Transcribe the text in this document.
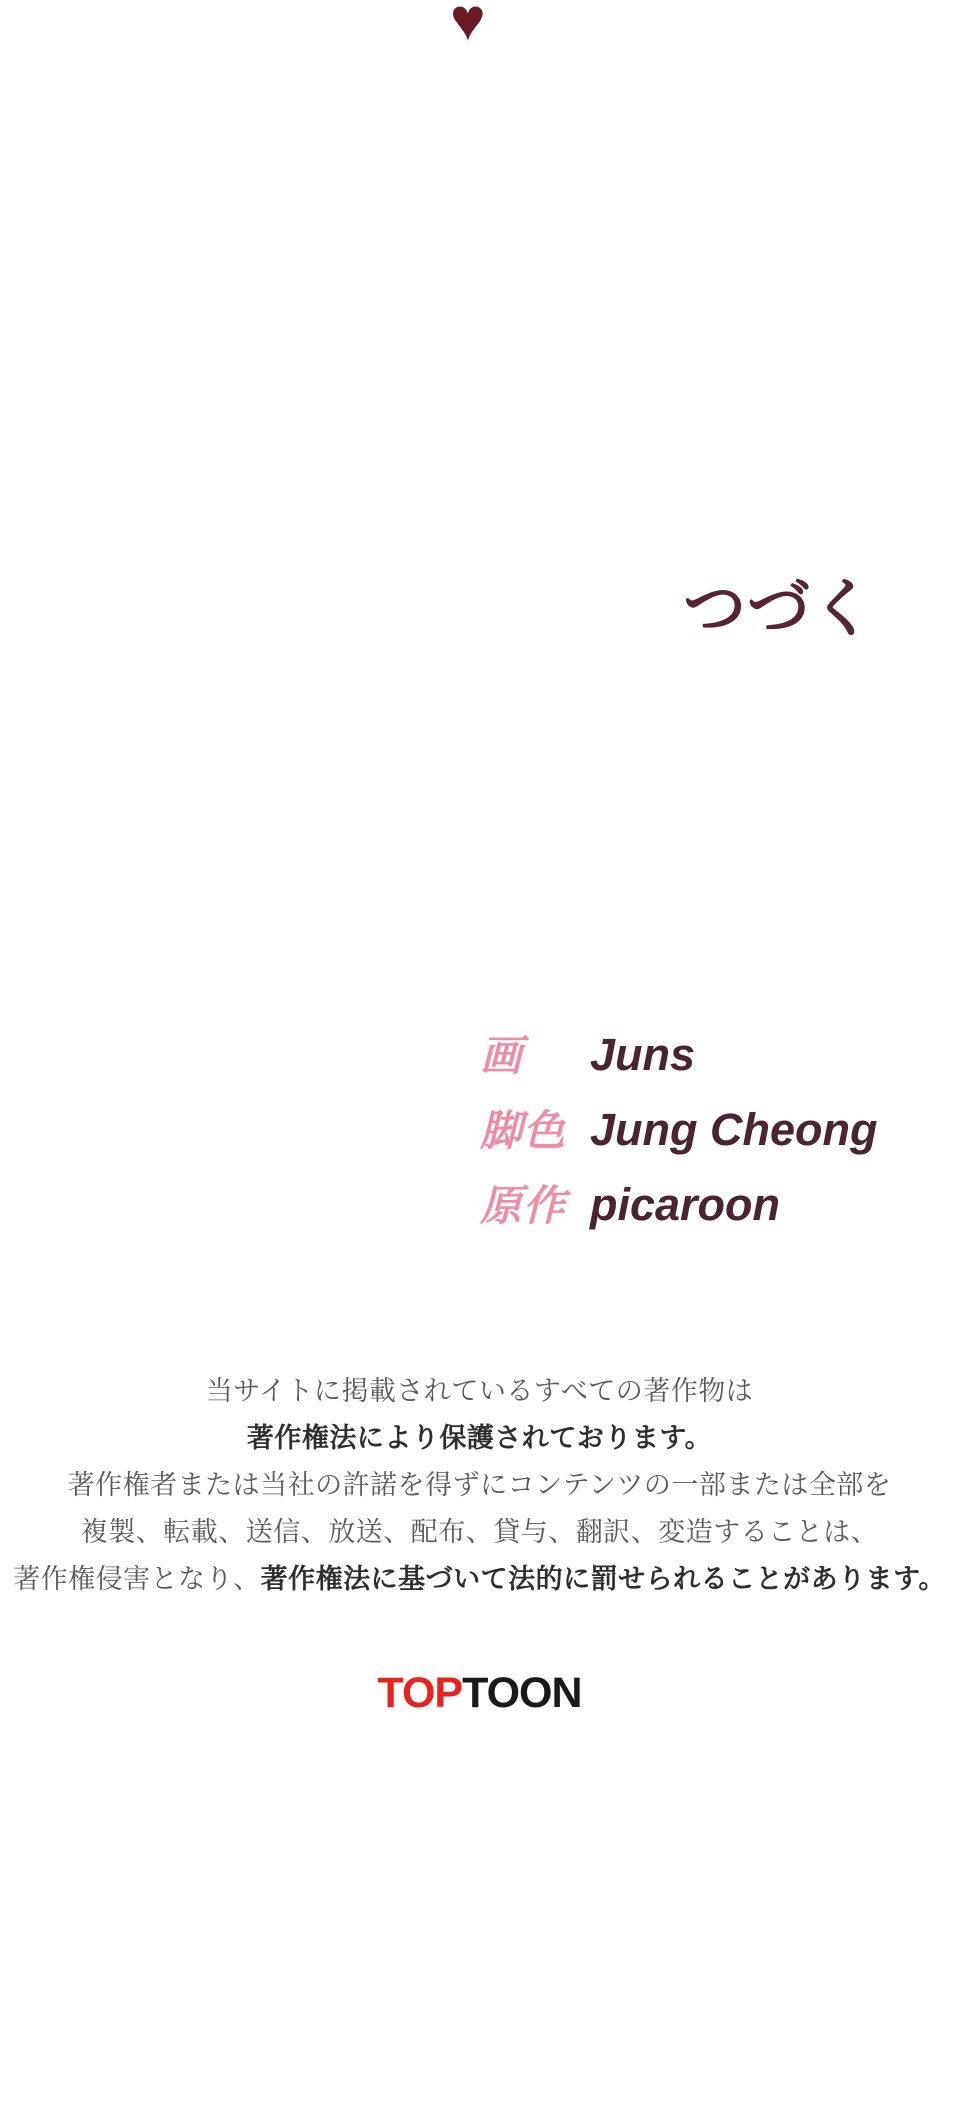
♥
つづく
画	Juns
脚色 Jung Cheong
原作 picaroon
当サイトに掲載されているすべての著作物は
著作権法により保護されております。
著作権者または当社の許諾を得ずにコンテンツの一部または全部を
複製、転載、送信、放送、配布、貸与、翻訳、変造することは、
著作権侵害となり、著作権法に基づいて法的に罰せられることがあります。
TOPTOON
